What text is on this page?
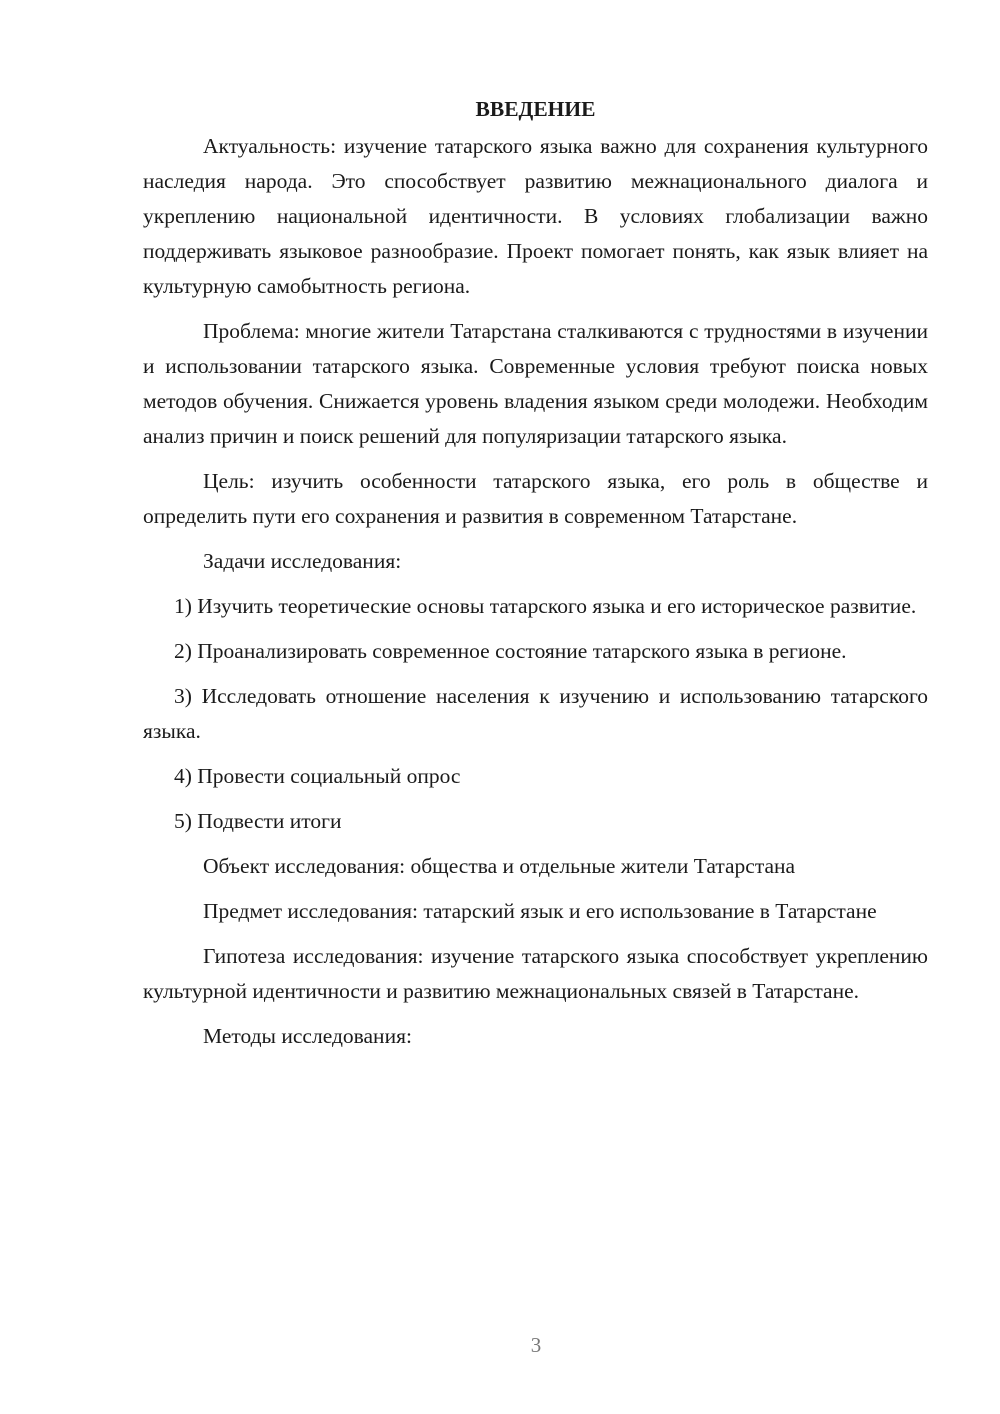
ВВЕДЕНИЕ

Актуальность: изучение татарского языка важно для сохранения культурного наследия народа. Это способствует развитию межнационального диалога и укреплению национальной идентичности. В условиях глобализации важно поддерживать языковое разнообразие. Проект помогает понять, как язык влияет на культурную самобытность региона.

Проблема: многие жители Татарстана сталкиваются с трудностями в изучении и использовании татарского языка. Современные условия требуют поиска новых методов обучения. Снижается уровень владения языком среди молодежи. Необходим анализ причин и поиск решений для популяризации татарского языка.

Цель: изучить особенности татарского языка, его роль в обществе и определить пути его сохранения и развития в современном Татарстане.

Задачи исследования:

1) Изучить теоретические основы татарского языка и его историческое развитие.

2) Проанализировать современное состояние татарского языка в регионе.

3) Исследовать отношение населения к изучению и использованию татарского языка.

4) Провести социальный опрос

5) Подвести итоги

Объект исследования: общества и отдельные жители Татарстана

Предмет исследования: татарский язык и его использование в Татарстане

Гипотеза исследования: изучение татарского языка способствует укреплению культурной идентичности и развитию межнациональных связей в Татарстане.

Методы исследования:

3
